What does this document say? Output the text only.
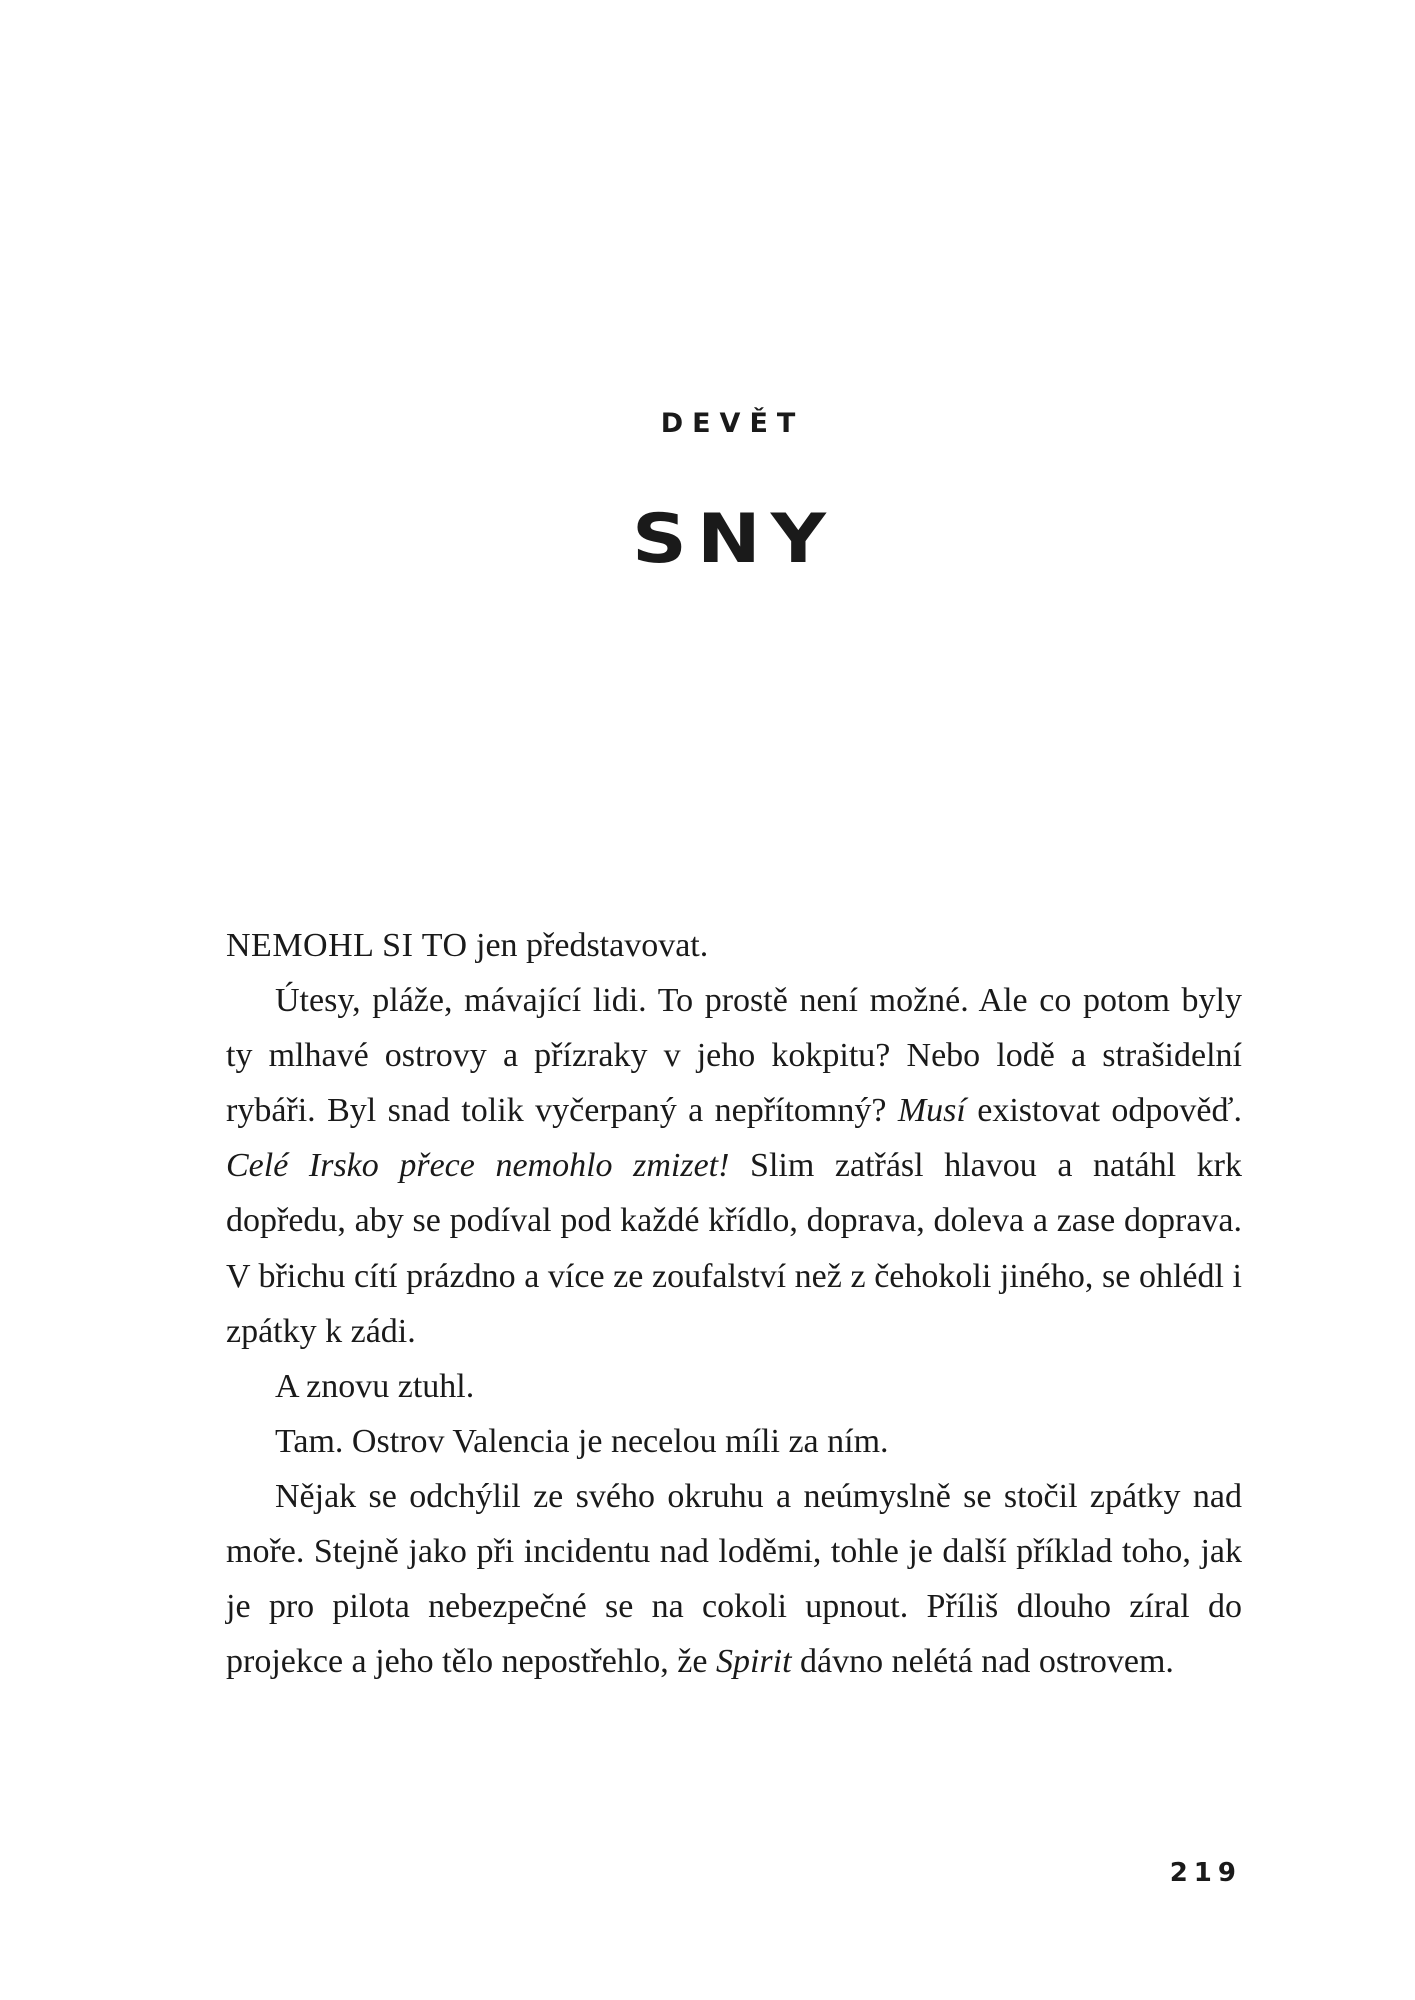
DEVĚT
SNY

NEMOHL SI TO jen představovat.

Útesy, pláže, mávající lidi. To prostě není možné. Ale co potom byly ty mlhavé ostrovy a přízraky v jeho kokpitu? Nebo lodě a strašidelní rybáři. Byl snad tolik vyčerpaný a nepřítomný? Musí existovat odpověď. Celé Irsko přece nemohlo zmizet! Slim zatřásl hlavou a natáhl krk dopředu, aby se podíval pod každé křídlo, doprava, doleva a zase doprava. V břichu cítí prázdno a více ze zoufalství než z čehokoli jiného, se ohlédl i zpátky k zádi.

A znovu ztuhl.

Tam. Ostrov Valencia je necelou míli za ním.

Nějak se odchýlil ze svého okruhu a neúmyslně se stočil zpátky nad moře. Stejně jako při incidentu nad loděmi, tohle je další příklad toho, jak je pro pilota nebezpečné se na cokoli upnout. Příliš dlouho zíral do projekce a jeho tělo nepostřehlo, že Spirit dávno nelétá nad ostrovem.

219
